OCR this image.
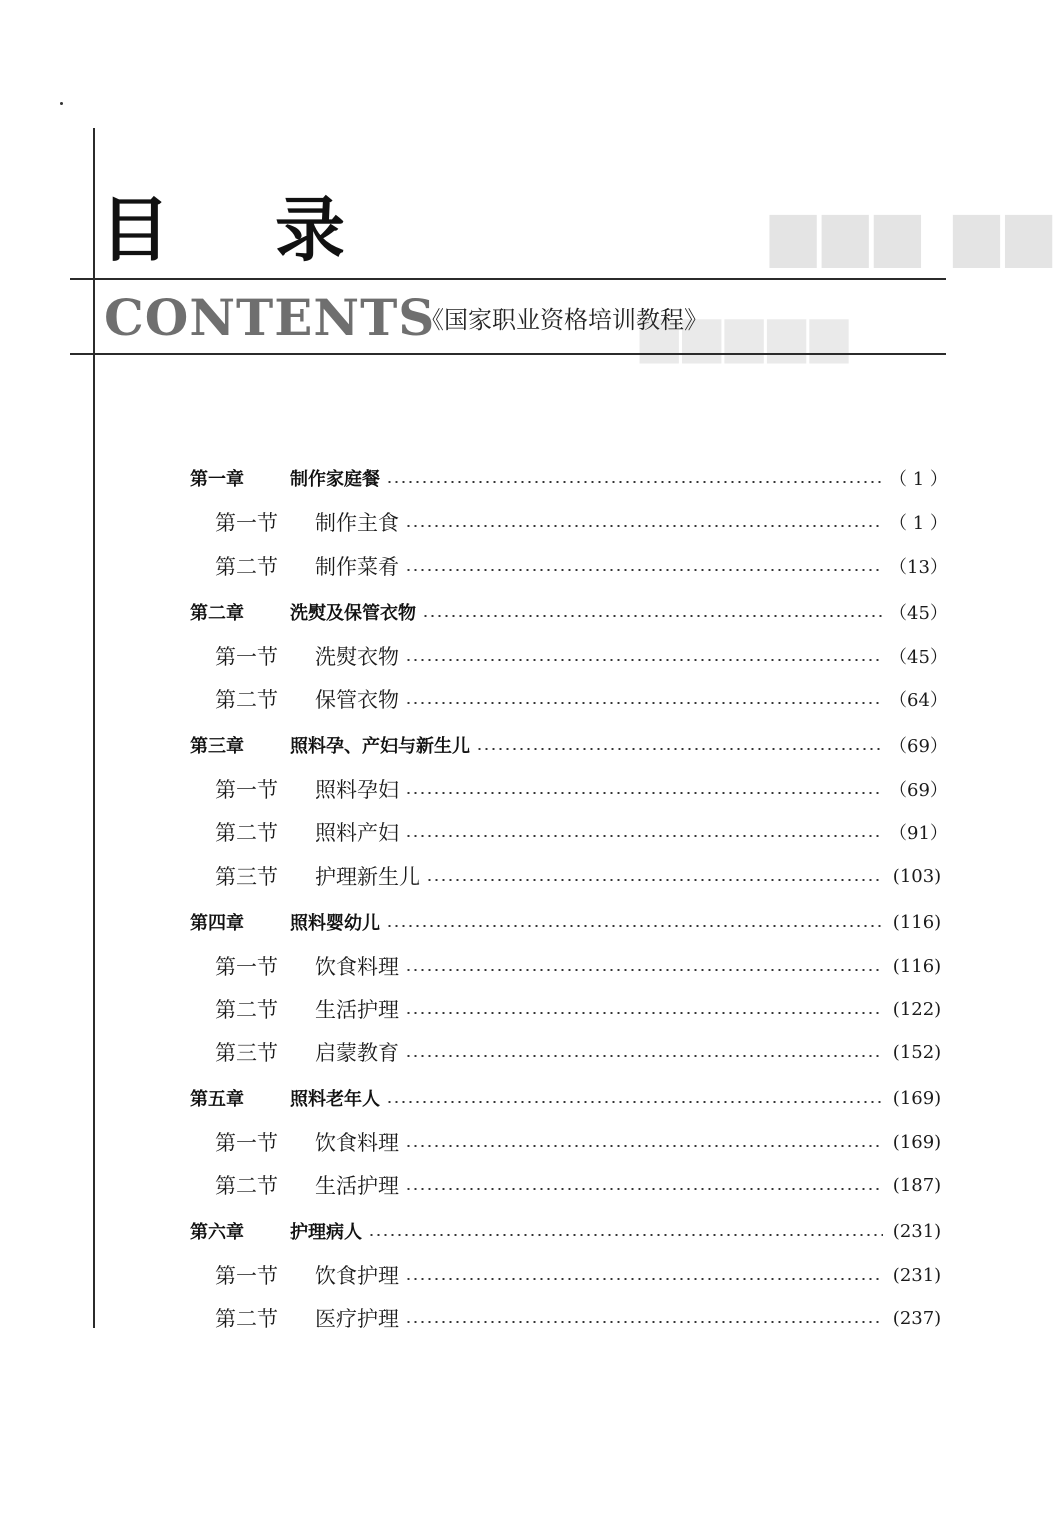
▆▆▆ ▆▆
▆▆▆▆▆
目录
CONTENTS
《国家职业资格培训教程》
第一章	制作家庭餐	（ 1 ）
第一节	制作主食	（ 1 ）
第二节	制作菜肴	（13）
第二章	洗熨及保管衣物	（45）
第一节	洗熨衣物	（45）
第二节	保管衣物	（64）
第三章	照料孕、产妇与新生儿	（69）
第一节	照料孕妇	（69）
第二节	照料产妇	（91）
第三节	护理新生儿	(103)
第四章	照料婴幼儿	(116)
第一节	饮食料理	(116)
第二节	生活护理	(122)
第三节	启蒙教育	(152)
第五章	照料老年人	(169)
第一节	饮食料理	(169)
第二节	生活护理	(187)
第六章	护理病人	(231)
第一节	饮食护理	(231)
第二节	医疗护理	(237)
